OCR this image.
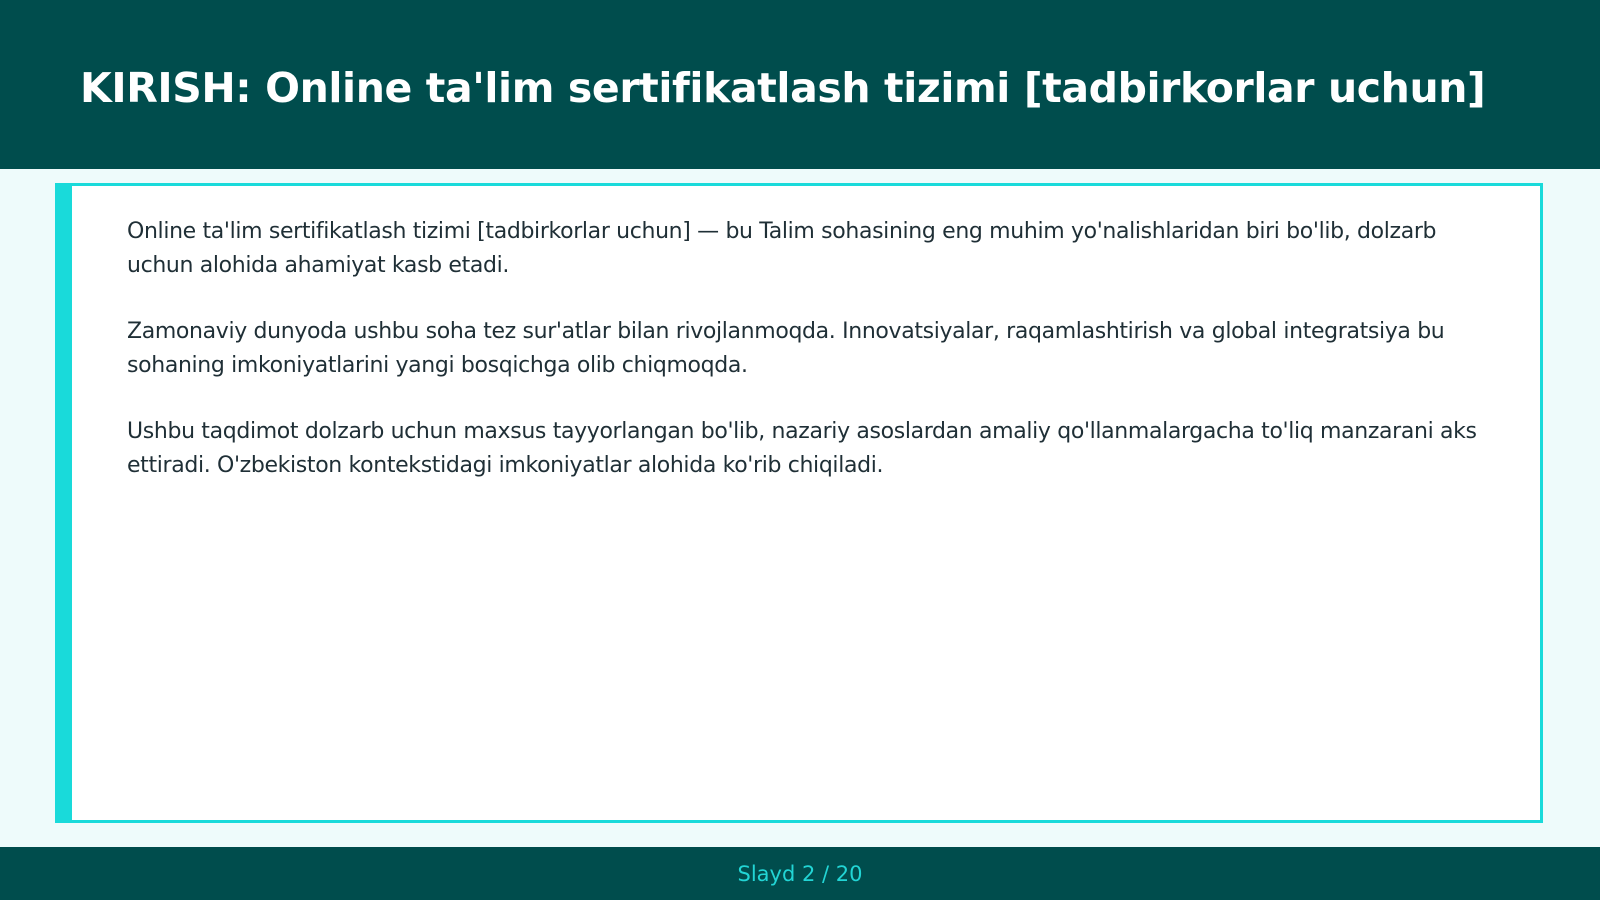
KIRISH: Online ta'lim sertifikatlash tizimi [tadbirkorlar uchun]

Online ta'lim sertifikatlash tizimi [tadbirkorlar uchun] — bu Talim sohasining eng muhim yo'nalishlaridan biri bo'lib, dolzarb uchun alohida ahamiyat kasb etadi.

Zamonaviy dunyoda ushbu soha tez sur'atlar bilan rivojlanmoqda. Innovatsiyalar, raqamlashtirish va global integratsiya bu sohaning imkoniyatlarini yangi bosqichga olib chiqmoqda.

Ushbu taqdimot dolzarb uchun maxsus tayyorlangan bo'lib, nazariy asoslardan amaliy qo'llanmalargacha to'liq manzarani aks ettiradi. O'zbekiston kontekstidagi imkoniyatlar alohida ko'rib chiqiladi.

Slayd 2 / 20
